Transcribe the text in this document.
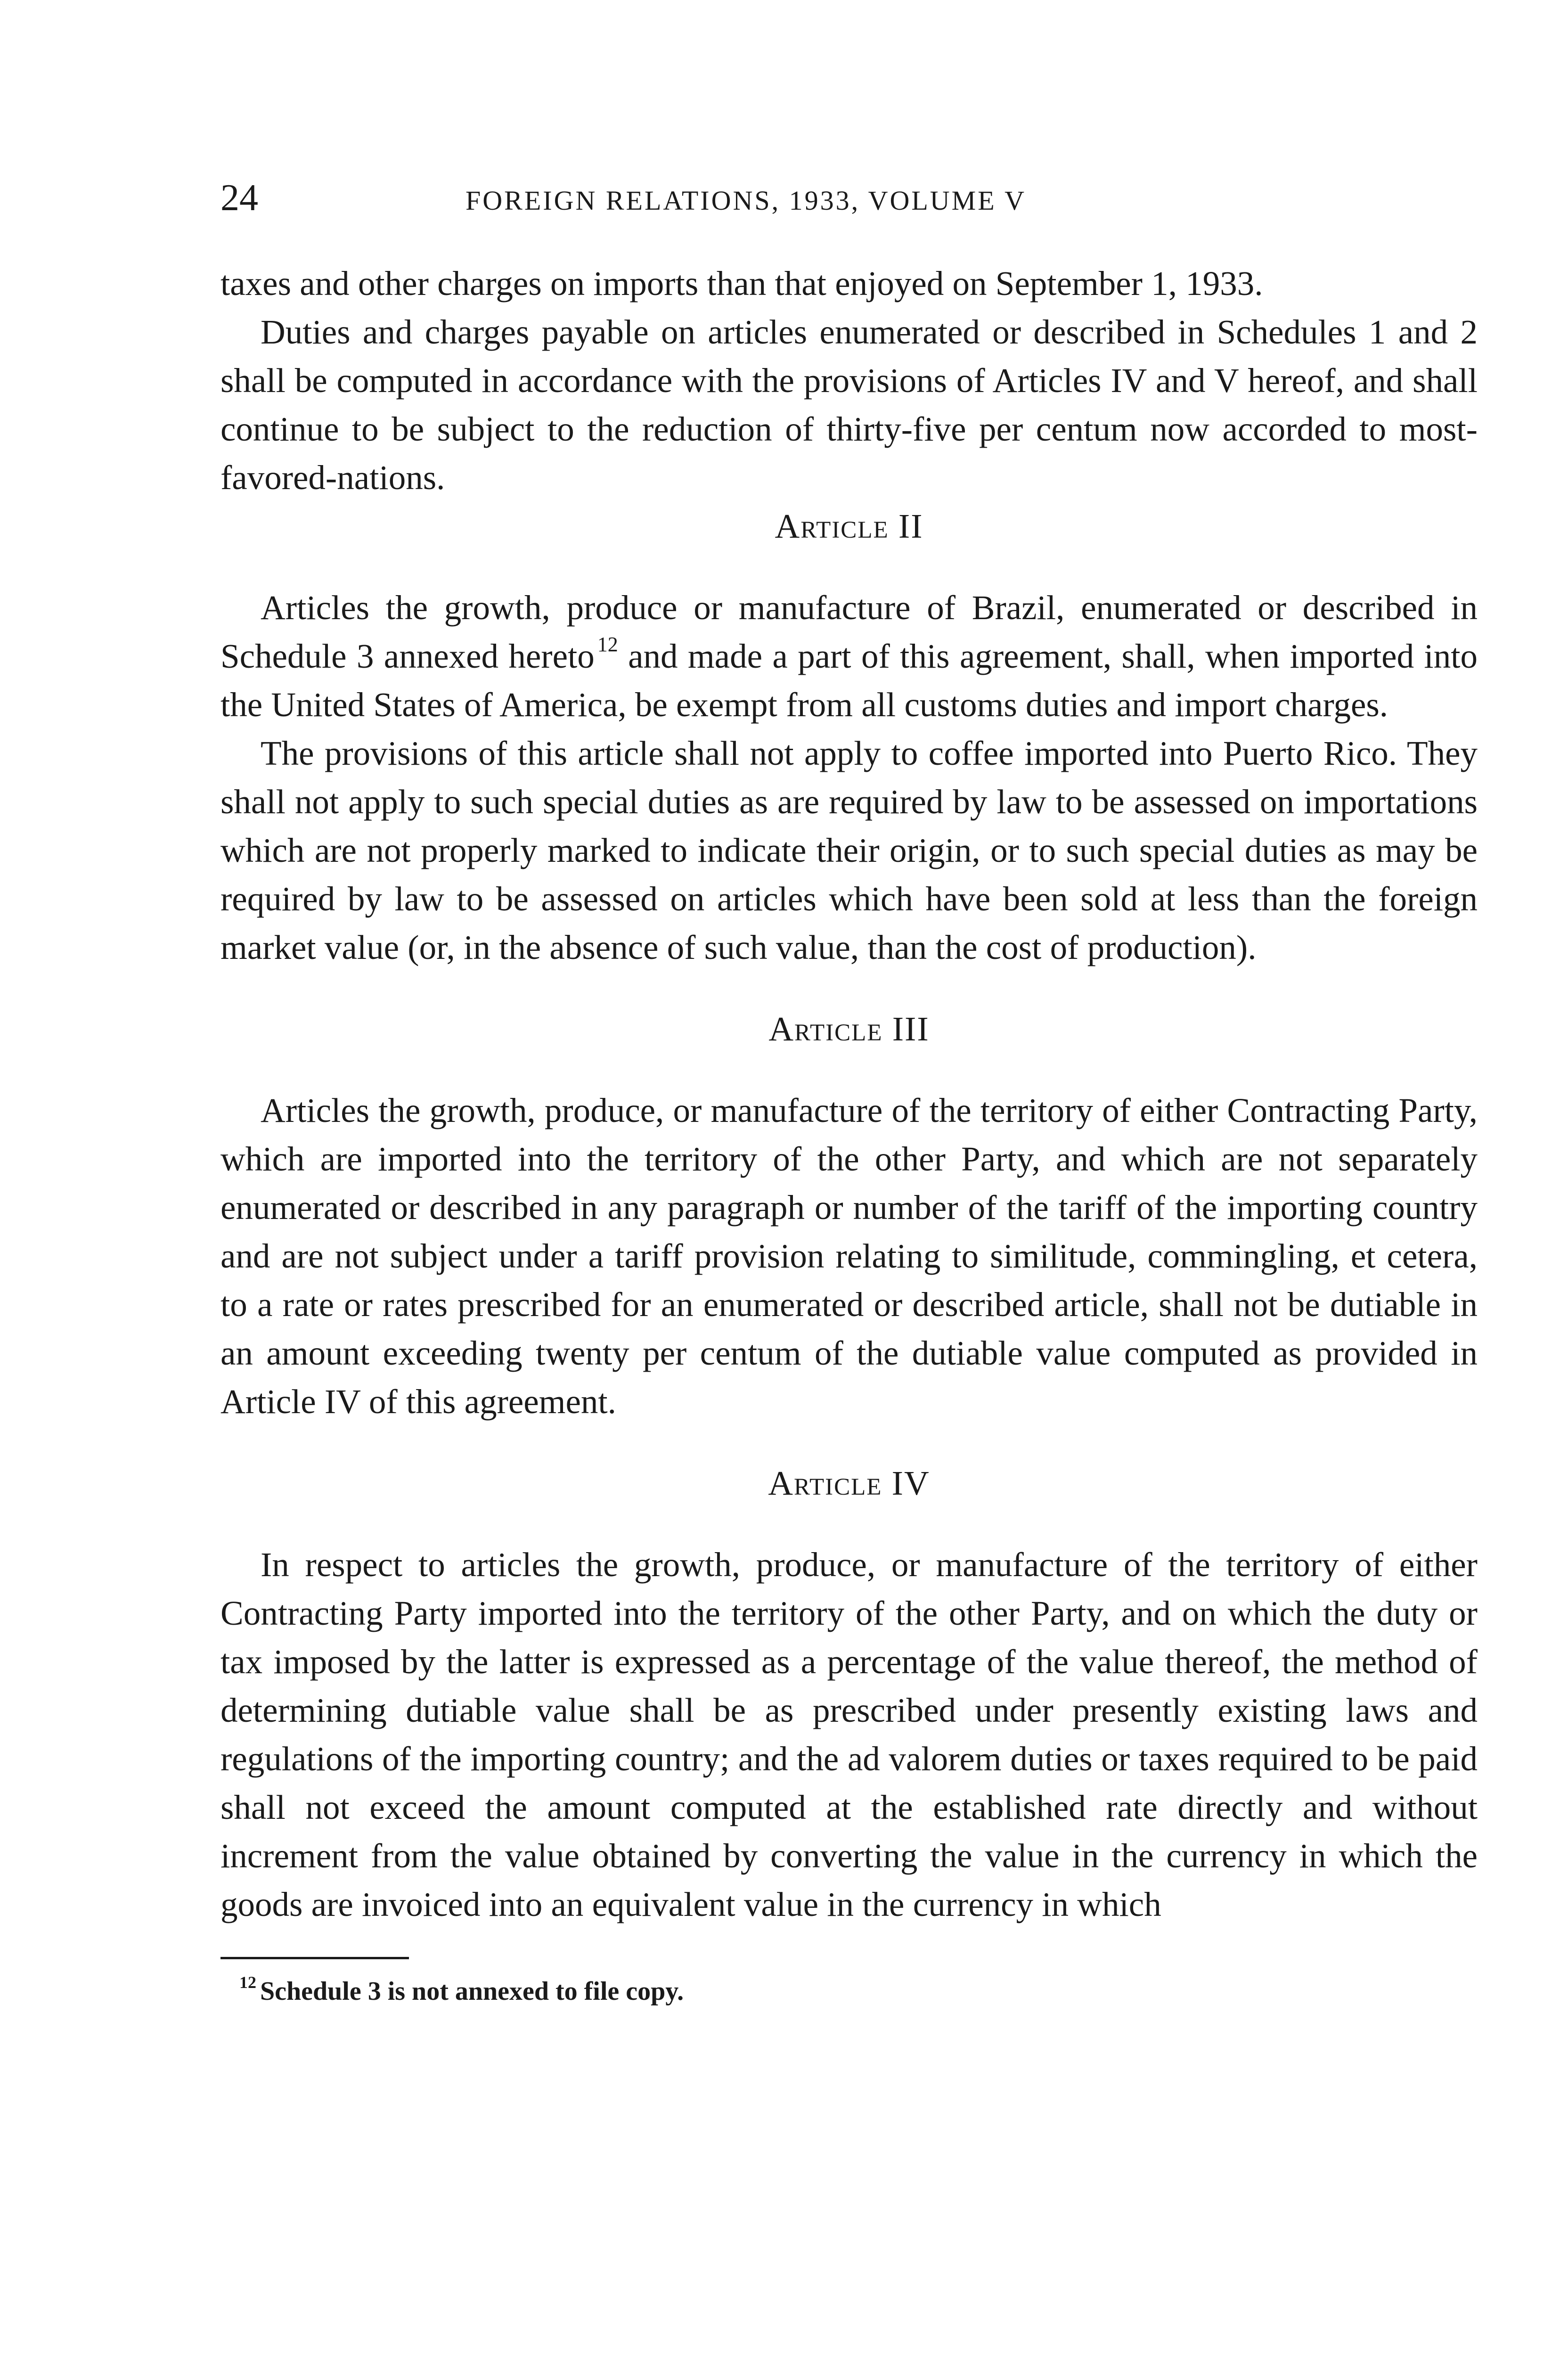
24	FOREIGN RELATIONS, 1933, VOLUME V

taxes and other charges on imports than that enjoyed on September 1, 1933.

Duties and charges payable on articles enumerated or described in Schedules 1 and 2 shall be computed in accordance with the provisions of Articles IV and V hereof, and shall continue to be subject to the reduction of thirty-five per centum now accorded to most-favored-nations.

Article II

Articles the growth, produce or manufacture of Brazil, enumerated or described in Schedule 3 annexed hereto $^{12}$ and made a part of this agreement, shall, when imported into the United States of America, be exempt from all customs duties and import charges.

The provisions of this article shall not apply to coffee imported into Puerto Rico. They shall not apply to such special duties as are required by law to be assessed on importations which are not properly marked to indicate their origin, or to such special duties as may be required by law to be assessed on articles which have been sold at less than the foreign market value (or, in the absence of such value, than the cost of production).

Article III

Articles the growth, produce, or manufacture of the territory of either Contracting Party, which are imported into the territory of the other Party, and which are not separately enumerated or described in any paragraph or number of the tariff of the importing country and are not subject under a tariff provision relating to similitude, commingling, et cetera, to a rate or rates prescribed for an enumerated or described article, shall not be dutiable in an amount exceeding twenty per centum of the dutiable value computed as provided in Article IV of this agreement.

Article IV

In respect to articles the growth, produce, or manufacture of the territory of either Contracting Party imported into the territory of the other Party, and on which the duty or tax imposed by the latter is expressed as a percentage of the value thereof, the method of determining dutiable value shall be as prescribed under presently existing laws and regulations of the importing country; and the ad valorem duties or taxes required to be paid shall not exceed the amount computed at the established rate directly and without increment from the value obtained by converting the value in the currency in which the goods are invoiced into an equivalent value in the currency in which

$^{12}$ Schedule 3 is not annexed to file copy.
